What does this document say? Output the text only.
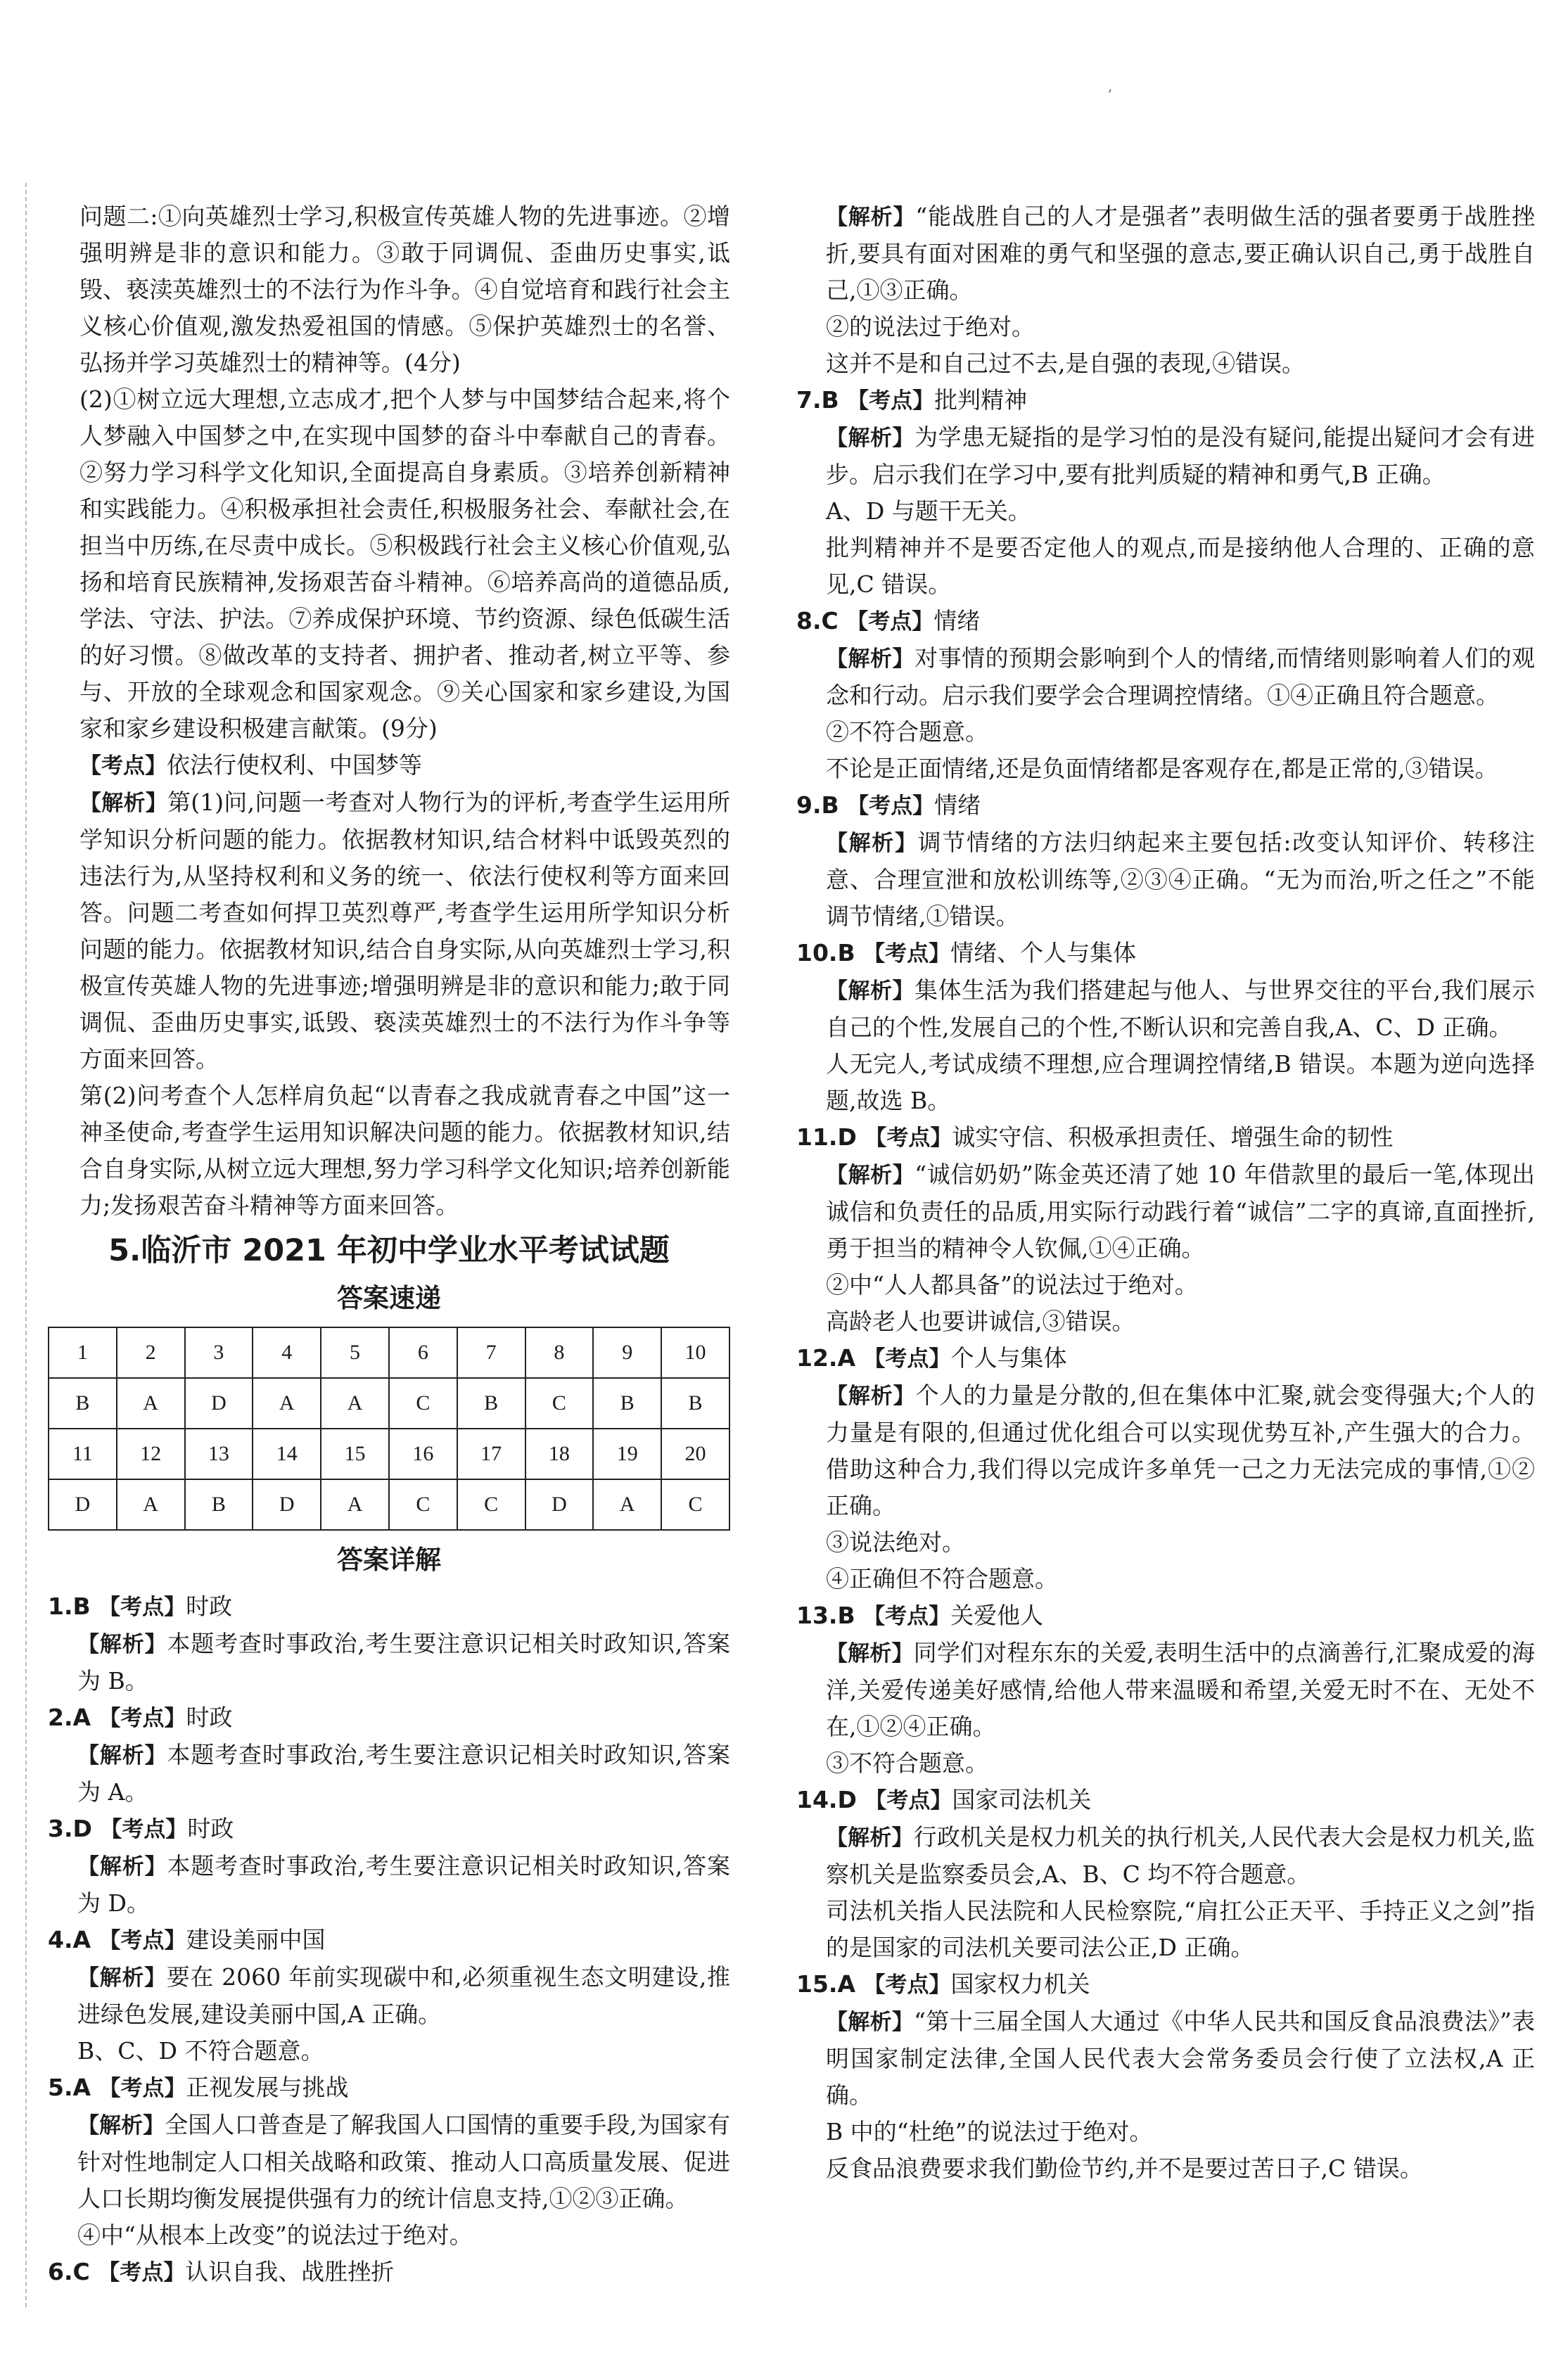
,

问题二:①向英雄烈士学习,积极宣传英雄人物的先进事迹。②增强明辨是非的意识和能力。③敢于同调侃、歪曲历史事实,诋毁、亵渎英雄烈士的不法行为作斗争。④自觉培育和践行社会主义核心价值观,激发热爱祖国的情感。⑤保护英雄烈士的名誉、弘扬并学习英雄烈士的精神等。(4分)

(2)①树立远大理想,立志成才,把个人梦与中国梦结合起来,将个人梦融入中国梦之中,在实现中国梦的奋斗中奉献自己的青春。②努力学习科学文化知识,全面提高自身素质。③培养创新精神和实践能力。④积极承担社会责任,积极服务社会、奉献社会,在担当中历练,在尽责中成长。⑤积极践行社会主义核心价值观,弘扬和培育民族精神,发扬艰苦奋斗精神。⑥培养高尚的道德品质,学法、守法、护法。⑦养成保护环境、节约资源、绿色低碳生活的好习惯。⑧做改革的支持者、拥护者、推动者,树立平等、参与、开放的全球观念和国家观念。⑨关心国家和家乡建设,为国家和家乡建设积极建言献策。(9分)

【考点】依法行使权利、中国梦等

【解析】第(1)问,问题一考查对人物行为的评析,考查学生运用所学知识分析问题的能力。依据教材知识,结合材料中诋毁英烈的违法行为,从坚持权利和义务的统一、依法行使权利等方面来回答。问题二考查如何捍卫英烈尊严,考查学生运用所学知识分析问题的能力。依据教材知识,结合自身实际,从向英雄烈士学习,积极宣传英雄人物的先进事迹;增强明辨是非的意识和能力;敢于同调侃、歪曲历史事实,诋毁、亵渎英雄烈士的不法行为作斗争等方面来回答。

第(2)问考查个人怎样肩负起“以青春之我成就青春之中国”这一神圣使命,考查学生运用知识解决问题的能力。依据教材知识,结合自身实际,从树立远大理想,努力学习科学文化知识;培养创新能力;发扬艰苦奋斗精神等方面来回答。

5.临沂市 2021 年初中学业水平考试试题
答案速递
1	2	3	4	5	6	7	8	9	10
B	A	D	A	A	C	B	C	B	B
11	12	13	14	15	16	17	18	19	20
D	A	B	D	A	C	C	D	A	C
答案详解

1.B 【考点】时政

【解析】本题考查时事政治,考生要注意识记相关时政知识,答案为 B。

2.A 【考点】时政

【解析】本题考查时事政治,考生要注意识记相关时政知识,答案为 A。

3.D 【考点】时政

【解析】本题考查时事政治,考生要注意识记相关时政知识,答案为 D。

4.A 【考点】建设美丽中国

【解析】要在 2060 年前实现碳中和,必须重视生态文明建设,推进绿色发展,建设美丽中国,A 正确。

B、C、D 不符合题意。

5.A 【考点】正视发展与挑战

【解析】全国人口普查是了解我国人口国情的重要手段,为国家有针对性地制定人口相关战略和政策、推动人口高质量发展、促进人口长期均衡发展提供强有力的统计信息支持,①②③正确。

④中“从根本上改变”的说法过于绝对。

6.C 【考点】认识自我、战胜挫折

【解析】“能战胜自己的人才是强者”表明做生活的强者要勇于战胜挫折,要具有面对困难的勇气和坚强的意志,要正确认识自己,勇于战胜自己,①③正确。

②的说法过于绝对。

这并不是和自己过不去,是自强的表现,④错误。

7.B 【考点】批判精神

【解析】为学患无疑指的是学习怕的是没有疑问,能提出疑问才会有进步。启示我们在学习中,要有批判质疑的精神和勇气,B 正确。

A、D 与题干无关。

批判精神并不是要否定他人的观点,而是接纳他人合理的、正确的意见,C 错误。

8.C 【考点】情绪

【解析】对事情的预期会影响到个人的情绪,而情绪则影响着人们的观念和行动。启示我们要学会合理调控情绪。①④正确且符合题意。

②不符合题意。

不论是正面情绪,还是负面情绪都是客观存在,都是正常的,③错误。

9.B 【考点】情绪

【解析】调节情绪的方法归纳起来主要包括:改变认知评价、转移注意、合理宣泄和放松训练等,②③④正确。“无为而治,听之任之”不能调节情绪,①错误。

10.B 【考点】情绪、个人与集体

【解析】集体生活为我们搭建起与他人、与世界交往的平台,我们展示自己的个性,发展自己的个性,不断认识和完善自我,A、C、D 正确。

人无完人,考试成绩不理想,应合理调控情绪,B 错误。本题为逆向选择题,故选 B。

11.D 【考点】诚实守信、积极承担责任、增强生命的韧性

【解析】“诚信奶奶”陈金英还清了她 10 年借款里的最后一笔,体现出诚信和负责任的品质,用实际行动践行着“诚信”二字的真谛,直面挫折,勇于担当的精神令人钦佩,①④正确。

②中“人人都具备”的说法过于绝对。

高龄老人也要讲诚信,③错误。

12.A 【考点】个人与集体

【解析】个人的力量是分散的,但在集体中汇聚,就会变得强大;个人的力量是有限的,但通过优化组合可以实现优势互补,产生强大的合力。借助这种合力,我们得以完成许多单凭一己之力无法完成的事情,①②正确。

③说法绝对。

④正确但不符合题意。

13.B 【考点】关爱他人

【解析】同学们对程东东的关爱,表明生活中的点滴善行,汇聚成爱的海洋,关爱传递美好感情,给他人带来温暖和希望,关爱无时不在、无处不在,①②④正确。

③不符合题意。

14.D 【考点】国家司法机关

【解析】行政机关是权力机关的执行机关,人民代表大会是权力机关,监察机关是监察委员会,A、B、C 均不符合题意。

司法机关指人民法院和人民检察院,“肩扛公正天平、手持正义之剑”指的是国家的司法机关要司法公正,D 正确。

15.A 【考点】国家权力机关

【解析】“第十三届全国人大通过《中华人民共和国反食品浪费法》”表明国家制定法律,全国人民代表大会常务委员会行使了立法权,A 正确。

B 中的“杜绝”的说法过于绝对。

反食品浪费要求我们勤俭节约,并不是要过苦日子,C 错误。
